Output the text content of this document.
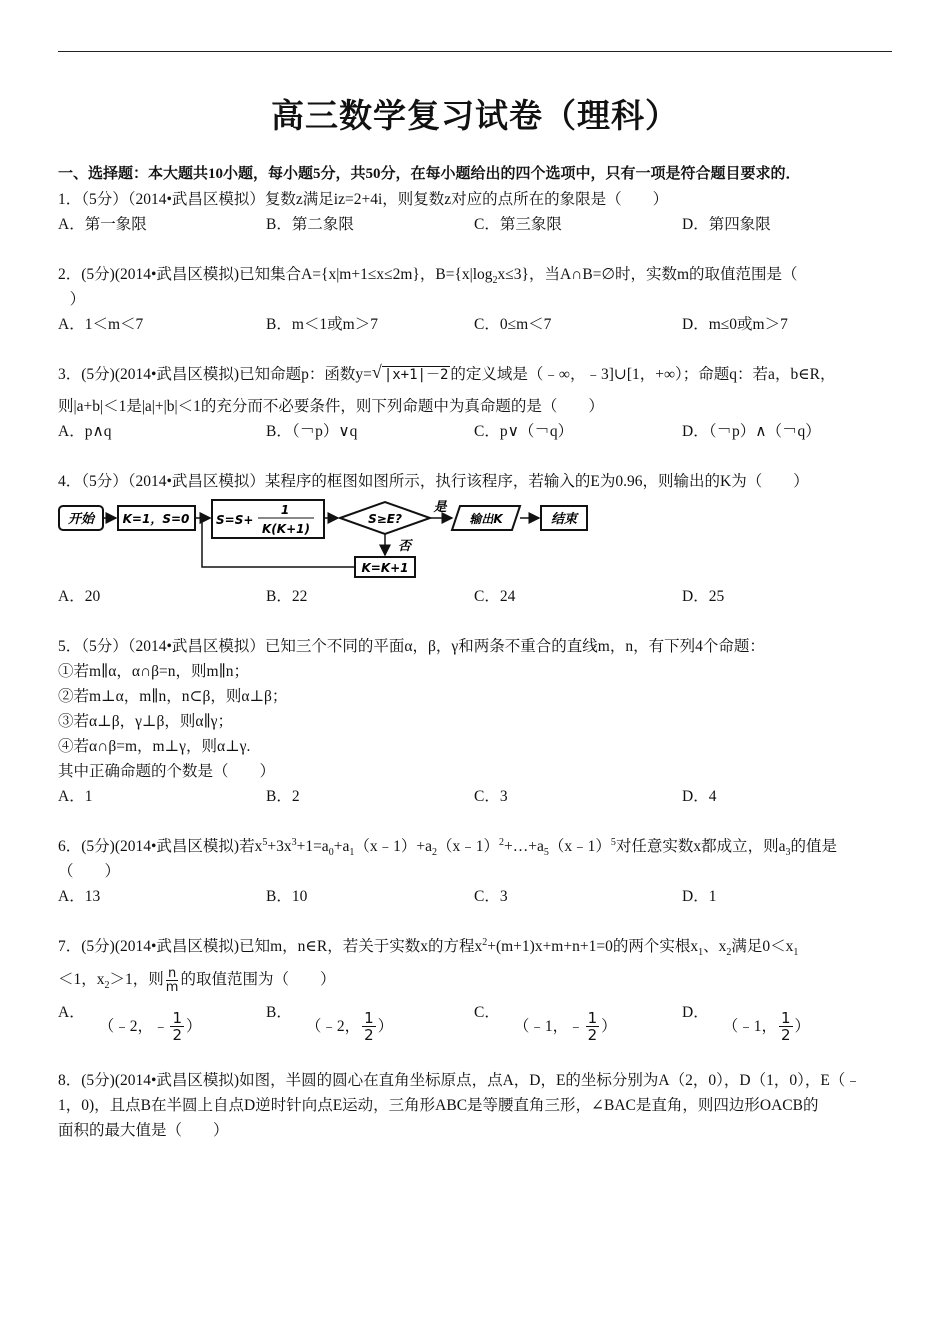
高三数学复习试卷（理科）
一、选择题：本大题共10小题，每小题5分，共50分，在每小题给出的四个选项中，只有一项是符合题目要求的．

1．（5分）（2014•武昌区模拟）复数z满足iz=2+4i，则复数z对应的点所在的象限是（　　）

A．第一象限	B．第二象限	C．第三象限	D．第四象限

2．(5分)(2014•武昌区模拟)已知集合A={x|m+1≤x≤2m}，$B=\{x|\log_2x\le 3\}$，当A∩B=∅时，实数m的取值范围是（
）

A．1＜m＜7	B．m＜1或m＞7	C．0≤m＜7	D．m≤0或m＞7

3．(5分)(2014•武昌区模拟)已知命题p：函数y= √ |x+1|－2 的定义域是（﹣∞，﹣3]∪[1，+∞）；命题q：若a，b∈R，

则|a+b|＜1是|a|+|b|＜1的充分而不必要条件，则下列命题中为真命题的是（　　）

A．p∧q	B．（￢p）∨q	C．p∨（￢q）	D．（￢p）∧（￢q）

4．（5分）（2014•武昌区模拟）某程序的框图如图所示，执行该程序，若输入的E为0.96，则输出的K为（　　）

开始 K=1，S=0 S=S+
1
K(K+1)
S≥E?
是
输出K	结束
否
K=K+1
A．20	B．22	C．24	D．25

5．（5分）（2014•武昌区模拟）已知三个不同的平面α，β，γ和两条不重合的直线m，n，有下列4个命题：

①若m∥α，α∩β=n，则m∥n；

②若m⊥α，m∥n，n⊂β，则α⊥β；

③若α⊥β，γ⊥β，则α∥γ；

④若α∩β=m，m⊥γ，则α⊥γ.

其中正确命题的个数是（　　）

A．1	B．2	C．3	D．4

6．(5分)(2014•武昌区模拟)若$x^5+3x^3+1=a_0+a_1(x﹣1)+a_2(x﹣1)^2+\dots+a_5(x﹣1)^5$对任意实数x都成立，则$a_3$的值是

（　　）

A．13	B．10	C．3	D．1

7．(5分)(2014•武昌区模拟)已知m，n∈R，若关于实数x的方程$x^2+(m+1)x+m+n+1=0$的两个实根$x_1$、$x_2$满足$0<x_1$

＜1，$x_2>1$，则 $\frac{n}{m}$ 的取值范围为（　　）

A．
（﹣2，﹣ $\frac{1}{2}$ ）
B．
（﹣2， $\frac{1}{2}$ ）
C．
（﹣1，﹣ $\frac{1}{2}$ ）
D．
（﹣1， $\frac{1}{2}$ ）

8．(5分)(2014•武昌区模拟)如图，半圆的圆心在直角坐标原点，点A，D，E的坐标分别为A（2，0），D（1，0），E（﹣

1，0)，且点B在半圆上自点D逆时针向点E运动，三角形ABC是等腰直角三形，∠BAC是直角，则四边形OACB的

面积的最大值是（　　）
